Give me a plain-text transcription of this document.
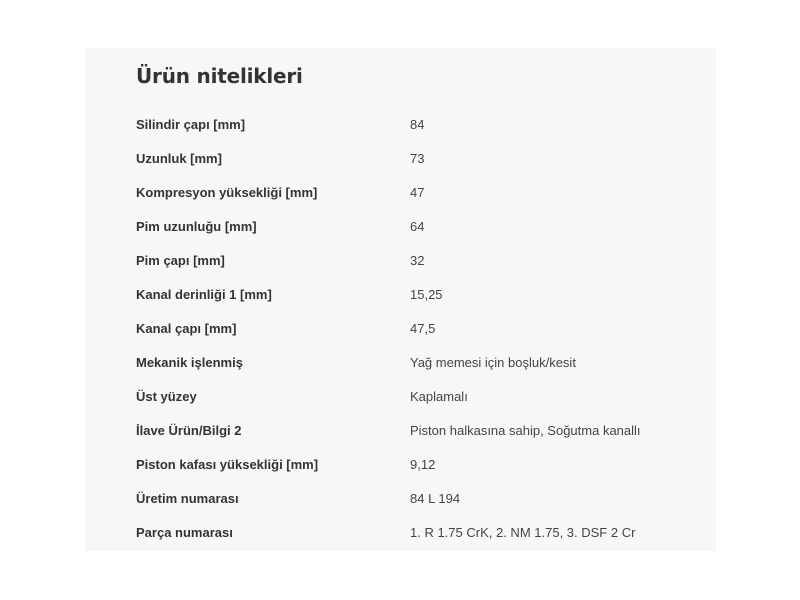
Ürün nitelikleri
Silindir çapı [mm]	84
Uzunluk [mm]	73
Kompresyon yüksekliği [mm]	47
Pim uzunluğu [mm]	64
Pim çapı [mm]	32
Kanal derinliği 1 [mm]	15,25
Kanal çapı [mm]	47,5
Mekanik işlenmiş	Yağ memesi için boşluk/kesit
Üst yüzey	Kaplamalı
İlave Ürün/Bilgi 2	Piston halkasına sahip, Soğutma kanallı
Piston kafası yüksekliği [mm]	9,12
Üretim numarası	84 L 194
Parça numarası	1. R 1.75 CrK, 2. NM 1.75, 3. DSF 2 Cr
